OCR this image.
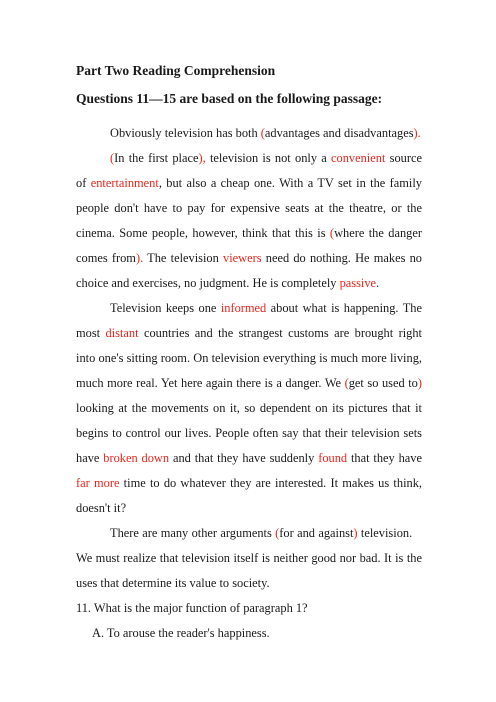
Part Two Reading Comprehension
Questions 11—15 are based on the following passage:

Obviously television has both (advantages and disadvantages).

(In the first place), television is not only a convenient source of entertainment, but also a cheap one. With a TV set in the family people don't have to pay for expensive seats at the theatre, or the cinema. Some people, however, think that this is (where the danger comes from). The television viewers need do nothing. He makes no choice and exercises, no judgment. He is completely passive.

Television keeps one informed about what is happening. The most distant countries and the strangest customs are brought right into one's sitting room. On television everything is much more living, much more real. Yet here again there is a danger. We (get so used to) looking at the movements on it, so dependent on its pictures that it begins to control our lives. People often say that their television sets have broken down and that they have suddenly found that they have far more time to do whatever they are interested. It makes us think, doesn't it?

There are many other arguments (for and against) television.    We must realize that television itself is neither good nor bad. It is the uses that determine its value to society.

11. What is the major function of paragraph 1?

A. To arouse the reader's happiness.
